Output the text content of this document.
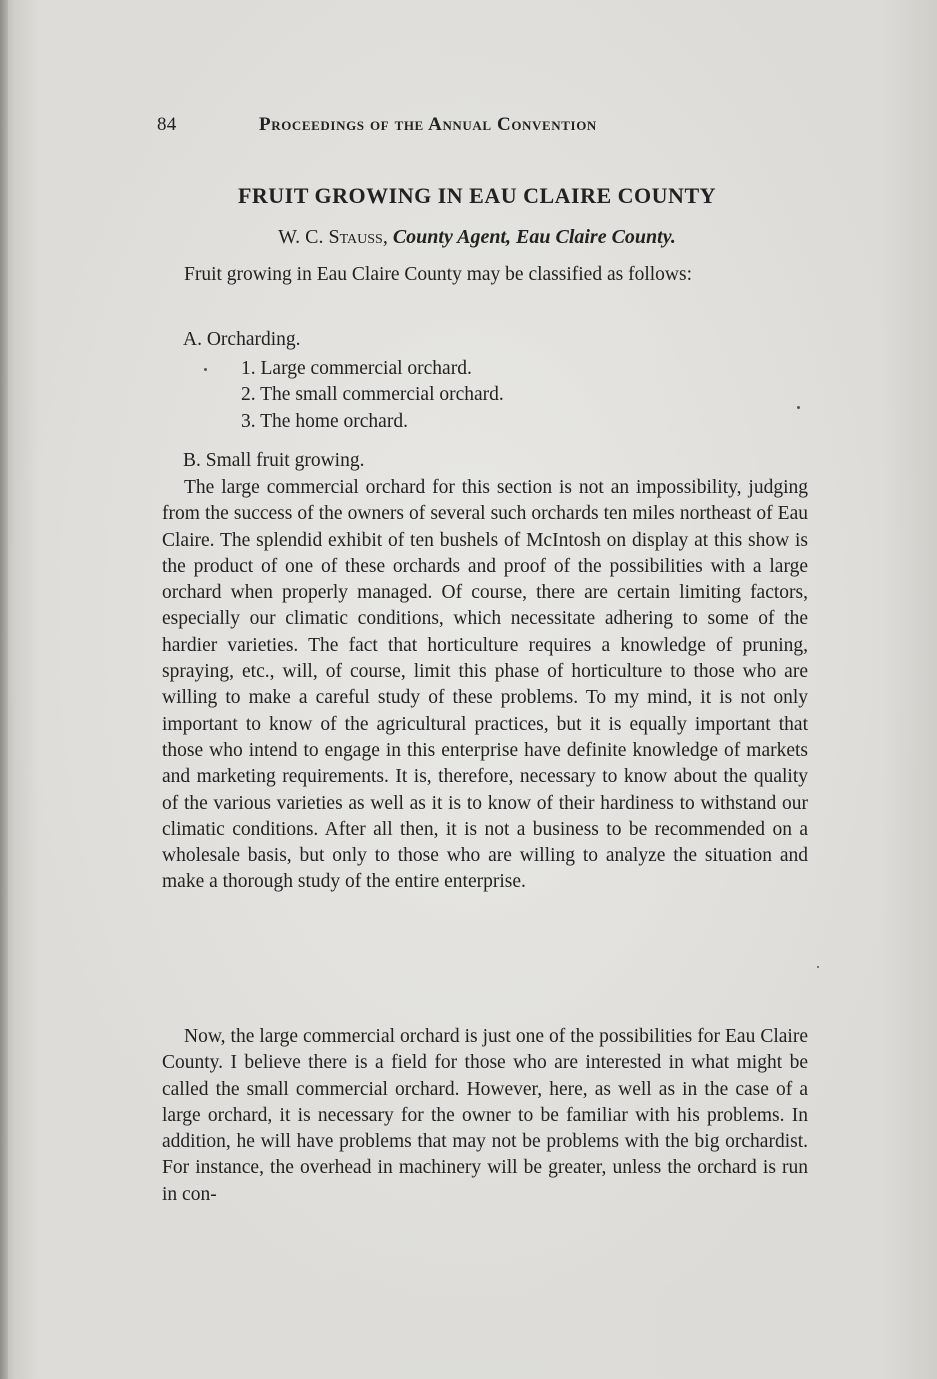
84	Proceedings of the Annual Convention
FRUIT GROWING IN EAU CLAIRE COUNTY
W. C. Stauss, County Agent, Eau Claire County.
Fruit growing in Eau Claire County may be classified as follows:
A. Orcharding.
1. Large commercial orchard.
2. The small commercial orchard.
3. The home orchard.
B. Small fruit growing.
The large commercial orchard for this section is not an impossibility, judging from the success of the owners of several such orchards ten miles northeast of Eau Claire. The splendid exhibit of ten bushels of McIntosh on display at this show is the product of one of these orchards and proof of the possibilities with a large orchard when properly managed. Of course, there are certain limiting factors, especially our climatic conditions, which necessitate adhering to some of the hardier varieties. The fact that horticulture requires a knowledge of pruning, spraying, etc., will, of course, limit this phase of horticulture to those who are willing to make a careful study of these problems. To my mind, it is not only important to know of the agricultural practices, but it is equally important that those who intend to engage in this enterprise have definite knowledge of markets and marketing requirements. It is, therefore, necessary to know about the quality of the various varieties as well as it is to know of their hardiness to withstand our climatic conditions. After all then, it is not a business to be recommended on a wholesale basis, but only to those who are willing to analyze the situation and make a thorough study of the entire enterprise.
Now, the large commercial orchard is just one of the possibilities for Eau Claire County. I believe there is a field for those who are interested in what might be called the small commercial orchard. However, here, as well as in the case of a large orchard, it is necessary for the owner to be familiar with his problems. In addition, he will have problems that may not be problems with the big orchardist. For instance, the overhead in machinery will be greater, unless the orchard is run in con-
